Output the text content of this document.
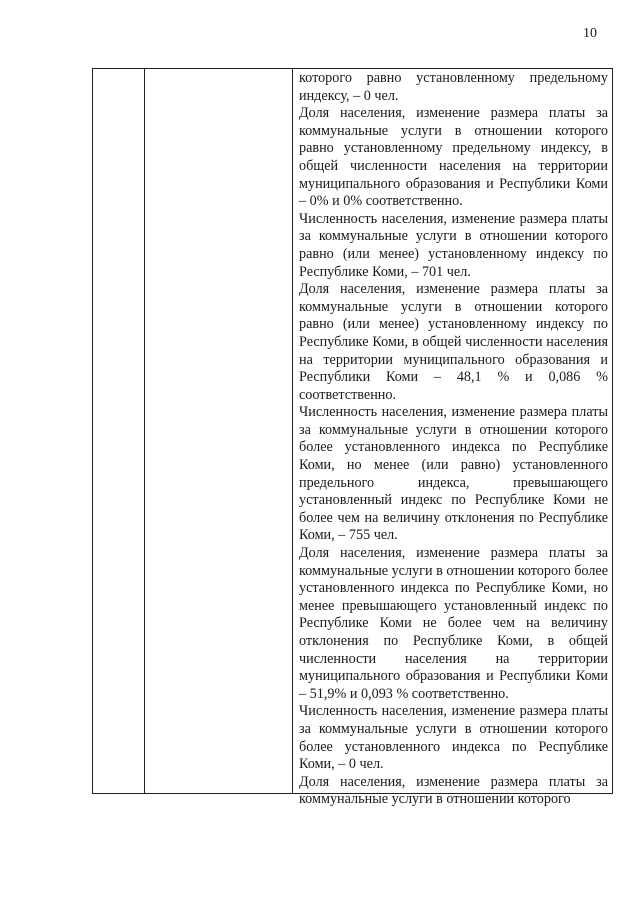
10

которого равно установленному предельному индексу, – 0 чел.

Доля населения, изменение размера платы за коммунальные услуги в отношении которого равно установленному предельному индексу, в общей численности населения на территории муниципального образования и Республики Коми – 0% и 0% соответственно.

Численность населения, изменение размера платы за коммунальные услуги в отношении которого равно (или менее) установленному индексу по Республике Коми, – 701 чел.

Доля населения, изменение размера платы за коммунальные услуги в отношении которого равно (или менее) установленному индексу по Республике Коми, в общей численности населения на территории муниципального образования и Республики Коми – 48,1 % и 0,086 % соответственно.

Численность населения, изменение размера платы за коммунальные услуги в отношении которого более установленного индекса по Республике Коми, но менее (или равно) установленного предельного индекса, превышающего установленный индекс по Республике Коми не более чем на величину отклонения по Республике Коми, – 755 чел.

Доля населения, изменение размера платы за коммунальные услуги в отношении которого более установленного индекса по Республике Коми, но менее превышающего установленный индекс по Республике Коми не более чем на величину отклонения по Республике Коми, в общей численности населения на территории муниципального образования и Республики Коми – 51,9% и 0,093 % соответственно.

Численность населения, изменение размера платы за коммунальные услуги в отношении которого более установленного индекса по Республике Коми, – 0 чел.

Доля населения, изменение размера платы за коммунальные услуги в отношении которого
